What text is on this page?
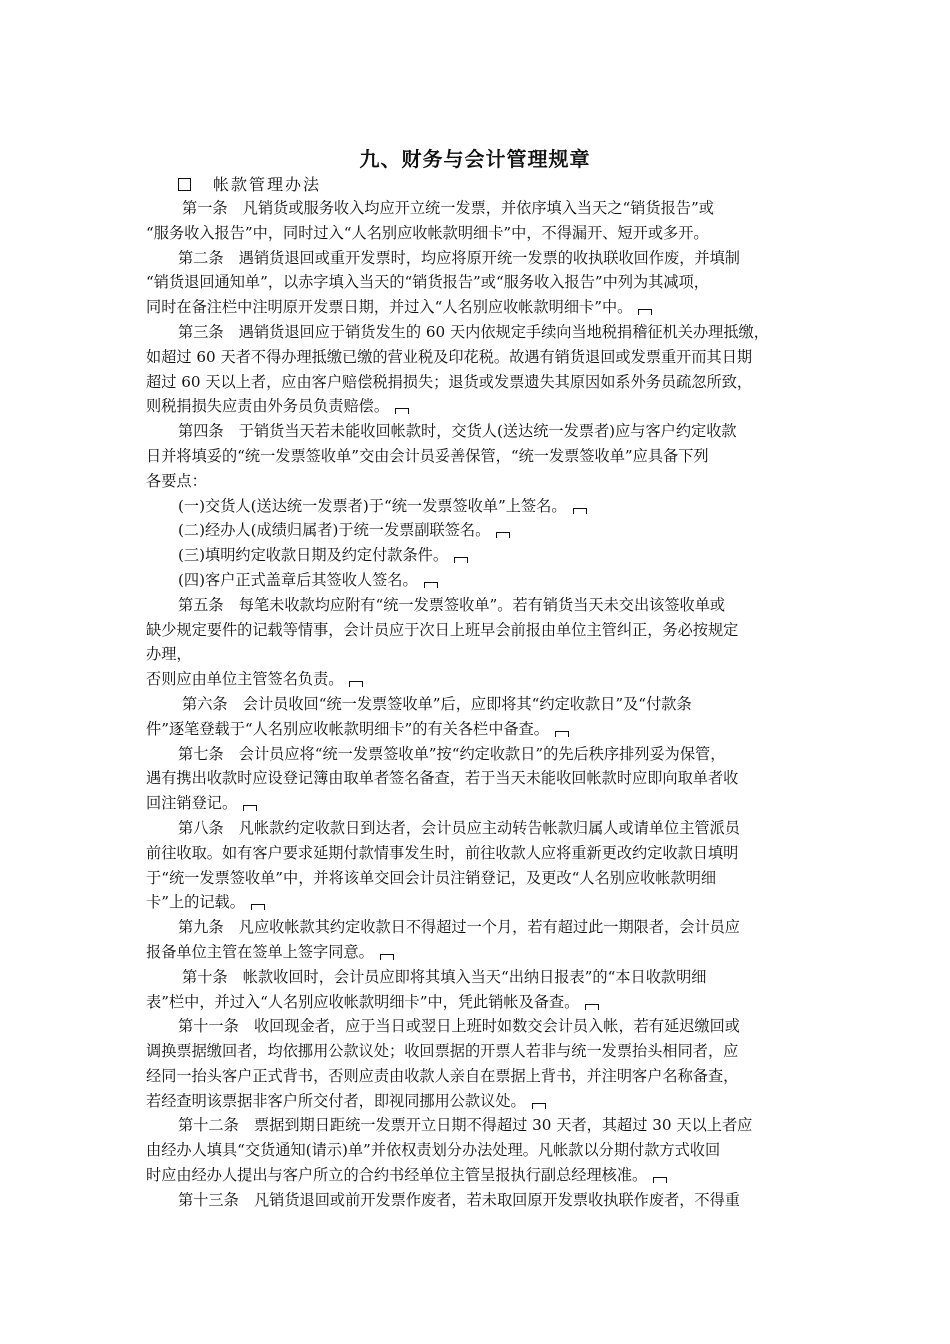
九、财务与会计管理规章
帐款管理办法
第一条　凡销货或服务收入均应开立统一发票，并依序填入当天之“销货报告”或
“服务收入报告”中，同时过入“人名别应收帐款明细卡”中，不得漏开、短开或多开。
第二条　遇销货退回或重开发票时，均应将原开统一发票的收执联收回作废，并填制
“销货退回通知单”，以赤字填入当天的“销货报告”或“服务收入报告”中列为其减项，
同时在备注栏中注明原开发票日期，并过入“人名别应收帐款明细卡”中。
第三条　遇销货退回应于销货发生的 60 天内依规定手续向当地税捐稽征机关办理抵缴，
如超过 60 天者不得办理抵缴已缴的营业税及印花税。故遇有销货退回或发票重开而其日期
超过 60 天以上者，应由客户赔偿税捐损失；退货或发票遗失其原因如系外务员疏忽所致，
则税捐损失应责由外务员负责赔偿。
第四条　于销货当天若未能收回帐款时，交货人(送达统一发票者)应与客户约定收款
日并将填妥的“统一发票签收单”交由会计员妥善保管，“统一发票签收单”应具备下列
各要点：
(一)交货人(送达统一发票者)于“统一发票签收单”上签名。
(二)经办人(成绩归属者)于统一发票副联签名。
(三)填明约定收款日期及约定付款条件。
(四)客户正式盖章后其签收人签名。
第五条　每笔未收款均应附有“统一发票签收单”。若有销货当天未交出该签收单或
缺少规定要件的记载等情事，会计员应于次日上班早会前报由单位主管纠正，务必按规定
办理，
否则应由单位主管签名负责。
第六条　会计员收回“统一发票签收单”后，应即将其“约定收款日”及“付款条
件”逐笔登载于“人名别应收帐款明细卡”的有关各栏中备查。
第七条　会计员应将“统一发票签收单”按“约定收款日”的先后秩序排列妥为保管，
遇有携出收款时应设登记簿由取单者签名备查，若于当天未能收回帐款时应即向取单者收
回注销登记。
第八条　凡帐款约定收款日到达者，会计员应主动转告帐款归属人或请单位主管派员
前往收取。如有客户要求延期付款情事发生时，前往收款人应将重新更改约定收款日填明
于“统一发票签收单”中，并将该单交回会计员注销登记，及更改“人名别应收帐款明细
卡”上的记载。
第九条　凡应收帐款其约定收款日不得超过一个月，若有超过此一期限者，会计员应
报备单位主管在签单上签字同意。
第十条　帐款收回时，会计员应即将其填入当天“出纳日报表”的“本日收款明细
表”栏中，并过入“人名别应收帐款明细卡”中，凭此销帐及备查。
第十一条　收回现金者，应于当日或翌日上班时如数交会计员入帐，若有延迟缴回或
调换票据缴回者，均依挪用公款议处；收回票据的开票人若非与统一发票抬头相同者，应
经同一抬头客户正式背书，否则应责由收款人亲自在票据上背书，并注明客户名称备查，
若经查明该票据非客户所交付者，即视同挪用公款议处。
第十二条　票据到期日距统一发票开立日期不得超过 30 天者，其超过 30 天以上者应
由经办人填具“交货通知(请示)单”并依权责划分办法处理。凡帐款以分期付款方式收回
时应由经办人提出与客户所立的合约书经单位主管呈报执行副总经理核准。
第十三条　凡销货退回或前开发票作废者，若未取回原开发票收执联作废者，不得重
